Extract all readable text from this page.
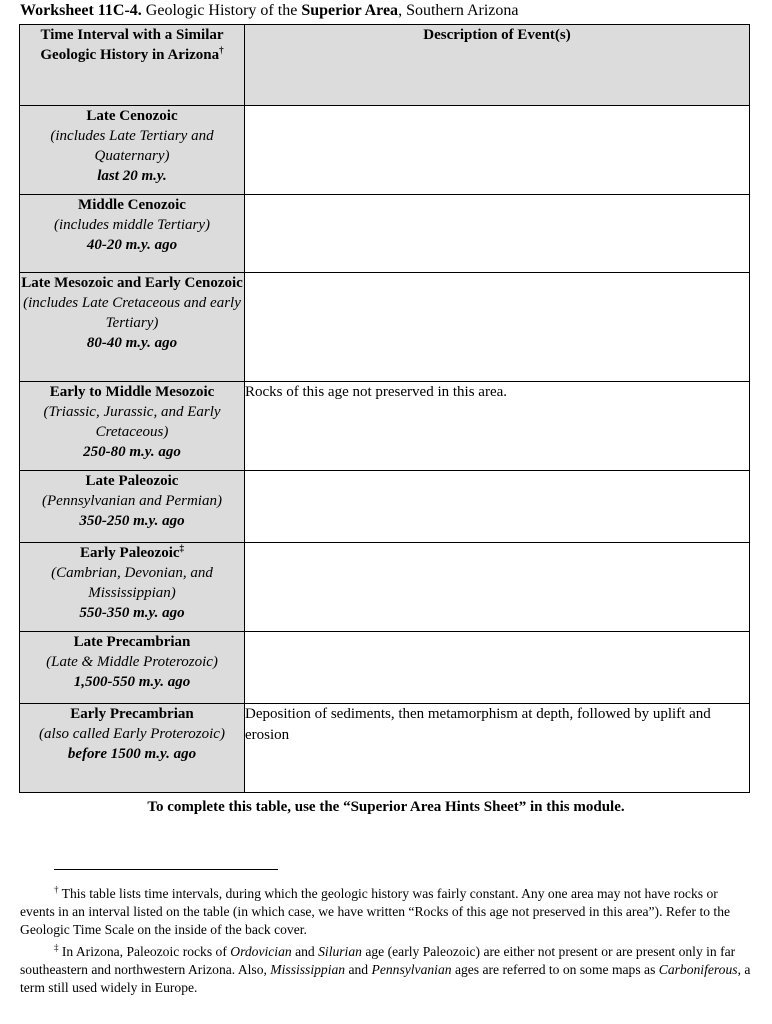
Worksheet 11C-4. Geologic History of the Superior Area, Southern Arizona
Time Interval with a Similar Geologic History in Arizona†	Description of Event(s)

Late Cenozoic
(includes Late Tertiary and Quaternary)
last 20 m.y.	

Middle Cenozoic
(includes middle Tertiary)
40-20 m.y. ago	

Late Mesozoic and Early Cenozoic
(includes Late Cretaceous and early Tertiary)
80-40 m.y. ago	

Early to Middle Mesozoic
(Triassic, Jurassic, and Early Cretaceous)
250-80 m.y. ago	Rocks of this age not preserved in this area.

Late Paleozoic
(Pennsylvanian and Permian)
350-250 m.y. ago	

Early Paleozoic‡
(Cambrian, Devonian, and Mississippian)
550-350 m.y. ago	

Late Precambrian
(Late & Middle Proterozoic)
1,500-550 m.y. ago	

Early Precambrian
(also called Early Proterozoic)
before 1500 m.y. ago	Deposition of sediments, then metamorphism at depth, followed by uplift and erosion
To complete this table, use the “Superior Area Hints Sheet” in this module.
† This table lists time intervals, during which the geologic history was fairly constant. Any one area may not have rocks or events in an interval listed on the table (in which case, we have written “Rocks of this age not preserved in this area”). Refer to the Geologic Time Scale on the inside of the back cover.
‡ In Arizona, Paleozoic rocks of Ordovician and Silurian age (early Paleozoic) are either not present or are present only in far southeastern and northwestern Arizona. Also, Mississippian and Pennsylvanian ages are referred to on some maps as Carboniferous, a term still used widely in Europe.
